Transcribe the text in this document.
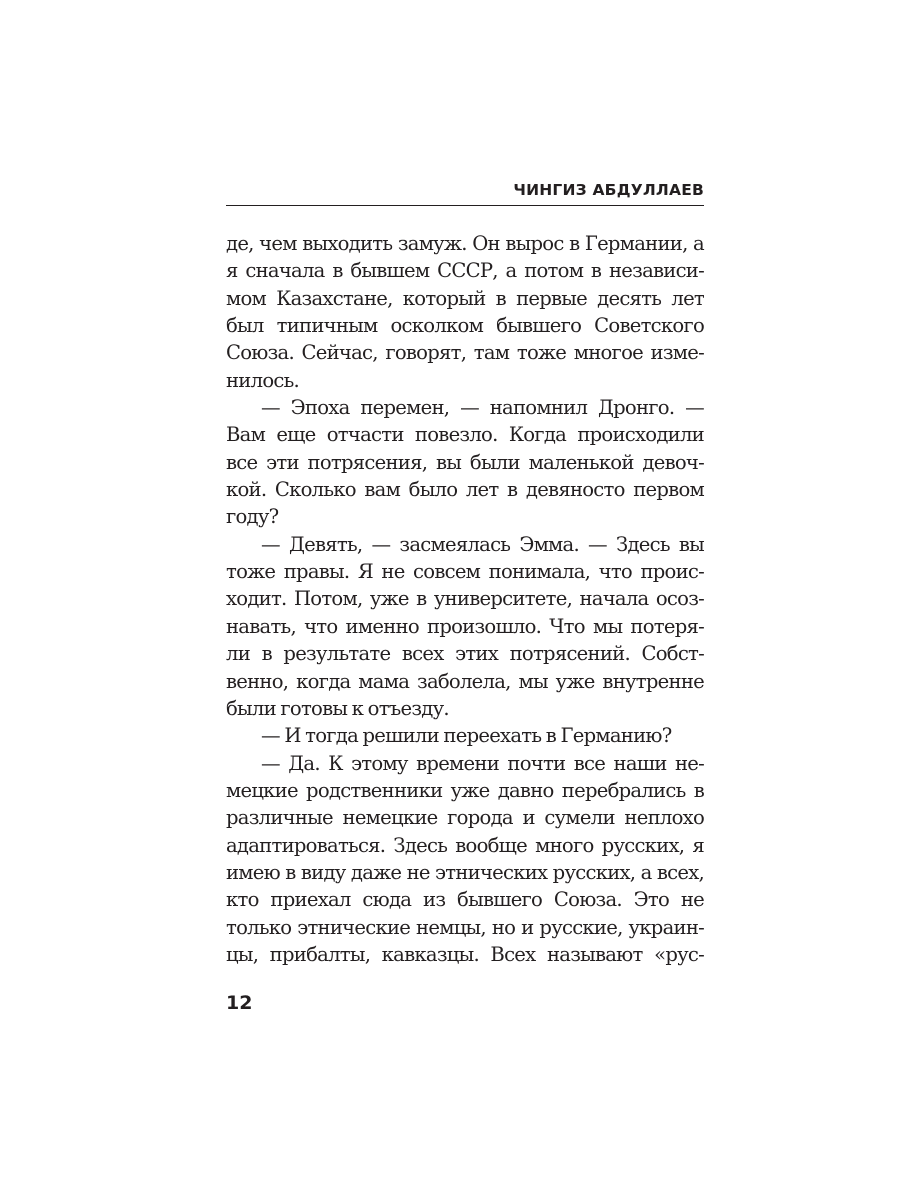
ЧИНГИЗ АБДУЛЛАЕВ
де, чем выходить замуж. Он вырос в Германии, а
я сначала в бывшем СССР, а потом в независи-
мом Казахстане, который в первые десять лет
был типичным осколком бывшего Советского
Союза. Сейчас, говорят, там тоже многое изме-
нилось.
— Эпоха перемен, — напомнил Дронго. —
Вам еще отчасти повезло. Когда происходили
все эти потрясения, вы были маленькой девоч-
кой. Сколько вам было лет в девяносто первом
году?
— Девять, — засмеялась Эмма. — Здесь вы
тоже правы. Я не совсем понимала, что проис-
ходит. Потом, уже в университете, начала осоз-
навать, что именно произошло. Что мы потеря-
ли в результате всех этих потрясений. Собст-
венно, когда мама заболела, мы уже внутренне
были готовы к отъезду.
— И тогда решили переехать в Германию?
— Да. К этому времени почти все наши не-
мецкие родственники уже давно перебрались в
различные немецкие города и сумели неплохо
адаптироваться. Здесь вообще много русских, я
имею в виду даже не этнических русских, а всех,
кто приехал сюда из бывшего Союза. Это не
только этнические немцы, но и русские, украин-
цы, прибалты, кавказцы. Всех называют «рус-
12
